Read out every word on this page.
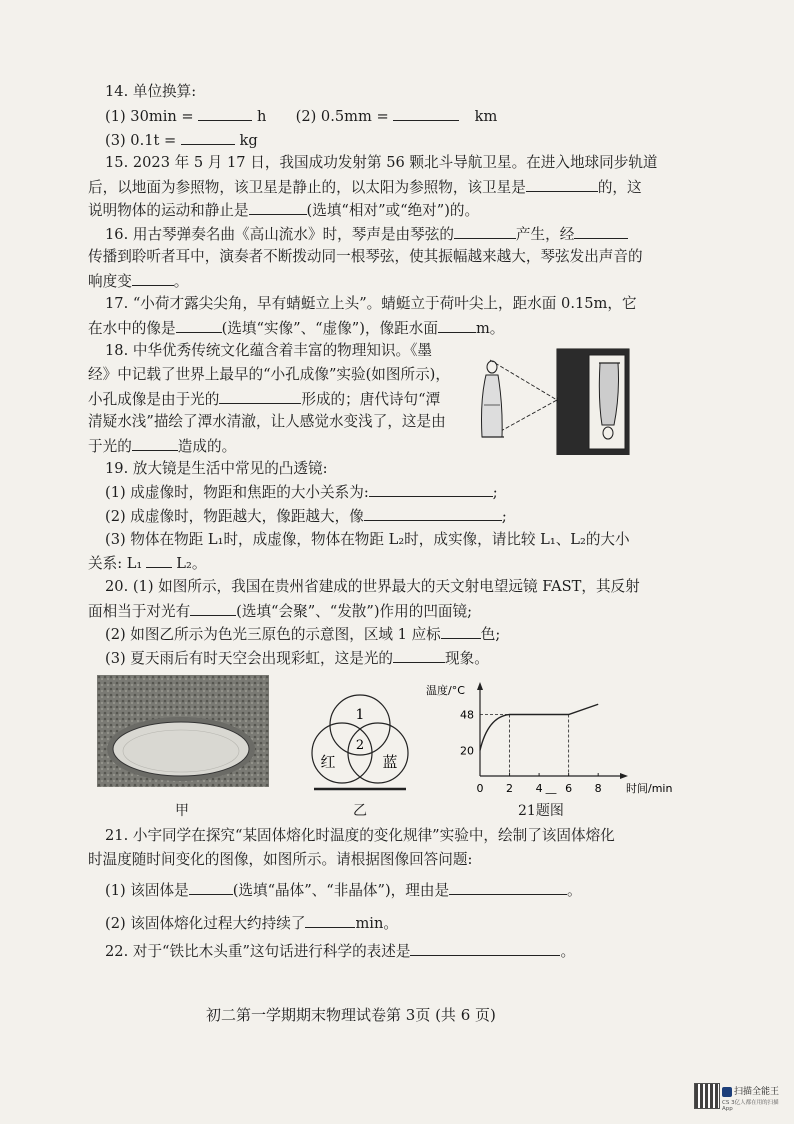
14. 单位换算:
(1) 30min =	h (2) 0.5mm =	km
(3) 0.1t =	kg
15. 2023 年 5 月 17 日，我国成功发射第 56 颗北斗导航卫星。在进入地球同步轨道
后，以地面为参照物，该卫星是静止的，以太阳为参照物，该卫星是	的，这
说明物体的运动和静止是	(选填“相对”或“绝对”)的。
16. 用古琴弹奏名曲《高山流水》时，琴声是由琴弦的	产生，经
传播到聆听者耳中，演奏者不断拨动同一根琴弦，使其振幅越来越大，琴弦发出声音的
响度变	。
17. “小荷才露尖尖角，早有蜻蜓立上头”。蜻蜓立于荷叶尖上，距水面 0.15m，它
在水中的像是	(选填“实像”、“虚像”)，像距水面	m。
18. 中华优秀传统文化蕴含着丰富的物理知识。《墨
经》中记载了世界上最早的“小孔成像”实验(如图所示)，
小孔成像是由于光的	形成的；唐代诗句“潭
清疑水浅”描绘了潭水清澈，让人感觉水变浅了，这是由
于光的	造成的。
19. 放大镜是生活中常见的凸透镜:
(1) 成虚像时，物距和焦距的大小关系为:	;
(2) 成虚像时，物距越大，像距越大，像	;
(3) 物体在物距 L₁时，成虚像，物体在物距 L₂时，成实像，请比较 L₁、L₂的大小
关系: L₁ L₂。
20. (1) 如图所示，我国在贵州省建成的世界最大的天文射电望远镜 FAST，其反射
面相当于对光有	(选填“会聚”、“发散”)作用的凹面镜;
(2) 如图乙所示为色光三原色的示意图，区域 1 应标	色;
(3) 夏天雨后有时天空会出现彩虹，这是光的	现象。
甲
1
2
红	蓝
乙
温度/°C
时间/min
0 2 4 6 8
20
48
—
21题图
21. 小宇同学在探究“某固体熔化时温度的变化规律”实验中，绘制了该固体熔化
时温度随时间变化的图像，如图所示。请根据图像回答问题:
(1) 该固体是	(选填“晶体”、“非晶体”)，理由是	。
(2) 该固体熔化过程大约持续了	min。
22. 对于“铁比木头重”这句话进行科学的表述是	。
初二第一学期期末物理试卷第 3页 (共 6 页)
扫描全能王
CS 3亿人都在用的扫描App
